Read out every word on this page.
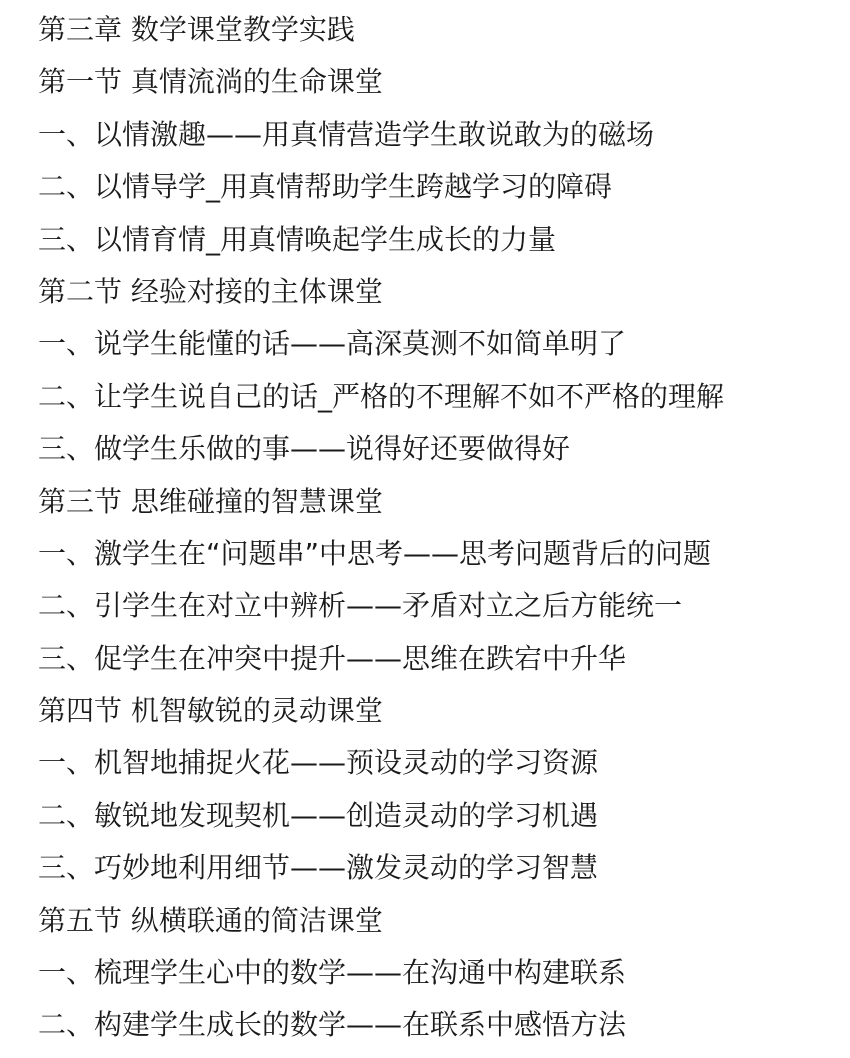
第三章 数学课堂教学实践
第一节 真情流淌的生命课堂
一、以情激趣——用真情营造学生敢说敢为的磁场
二、以情导学_用真情帮助学生跨越学习的障碍
三、以情育情_用真情唤起学生成长的力量
第二节 经验对接的主体课堂
一、说学生能懂的话——高深莫测不如简单明了
二、让学生说自己的话_严格的不理解不如不严格的理解
三、做学生乐做的事——说得好还要做得好
第三节 思维碰撞的智慧课堂
一、激学生在“问题串”中思考——思考问题背后的问题
二、引学生在对立中辨析——矛盾对立之后方能统一
三、促学生在冲突中提升——思维在跌宕中升华
第四节 机智敏锐的灵动课堂
一、机智地捕捉火花——预设灵动的学习资源
二、敏锐地发现契机——创造灵动的学习机遇
三、巧妙地利用细节——激发灵动的学习智慧
第五节 纵横联通的简洁课堂
一、梳理学生心中的数学——在沟通中构建联系
二、构建学生成长的数学——在联系中感悟方法
